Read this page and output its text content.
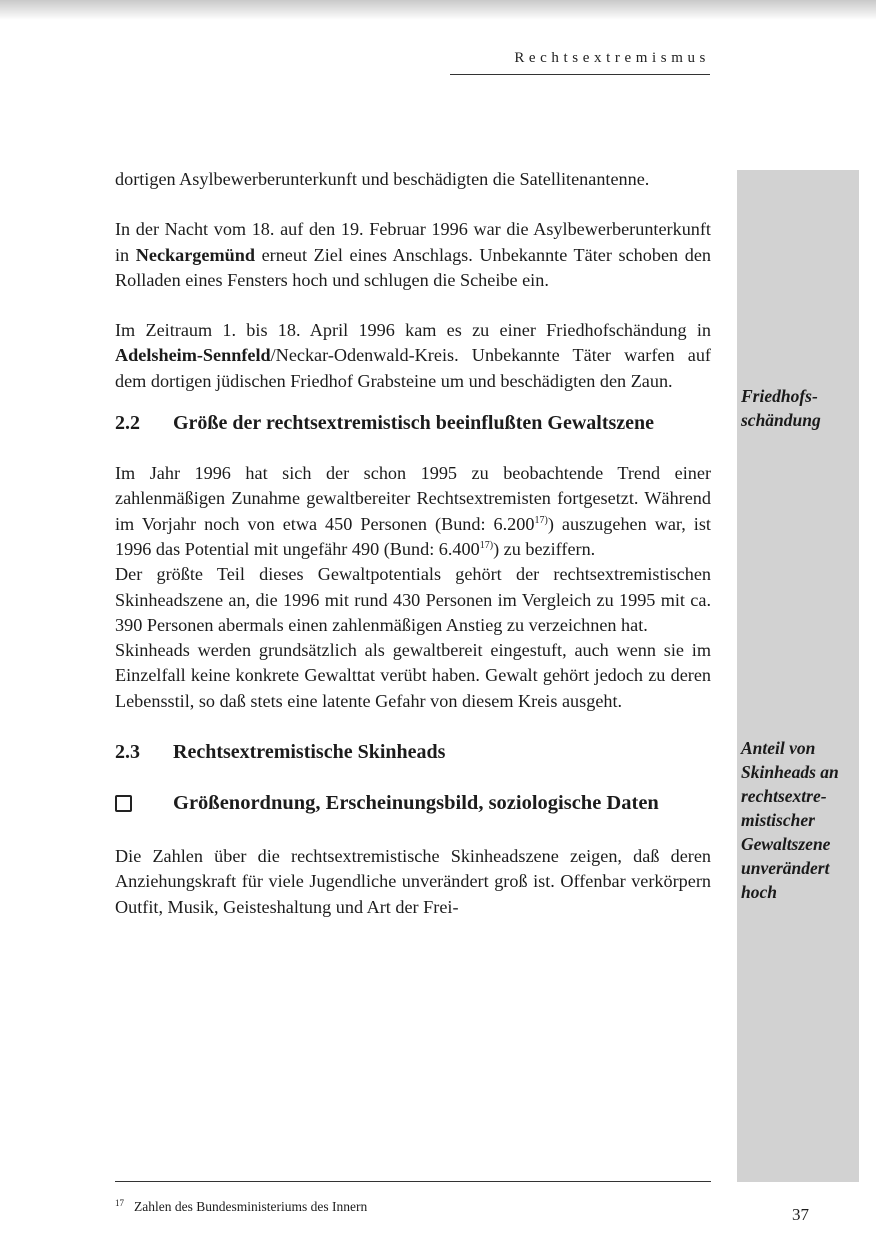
Rechtsextremismus

dortigen Asylbewerberunterkunft und beschädigten die Satellitenantenne.

In der Nacht vom 18. auf den 19. Februar 1996 war die Asylbewerberunterkunft in Neckargemünd erneut Ziel eines Anschlags. Unbekannte Täter schoben den Rolladen eines Fensters hoch und schlugen die Scheibe ein.

Im Zeitraum 1. bis 18. April 1996 kam es zu einer Friedhofschändung in Adelsheim-Sennfeld/Neckar-Odenwald-Kreis. Unbekannte Täter warfen auf dem dortigen jüdischen Friedhof Grabsteine um und beschädigten den Zaun.

2.2	Größe der rechtsextremistisch beeinflußten Gewaltszene

Im Jahr 1996 hat sich der schon 1995 zu beobachtende Trend einer zahlenmäßigen Zunahme gewaltbereiter Rechtsextremisten fortgesetzt. Während im Vorjahr noch von etwa 450 Personen (Bund: 6.200$^{17)}$) auszugehen war, ist 1996 das Potential mit ungefähr 490 (Bund: 6.400$^{17)}$) zu beziffern.

Der größte Teil dieses Gewaltpotentials gehört der rechtsextremistischen Skinheadszene an, die 1996 mit rund 430 Personen im Vergleich zu 1995 mit ca. 390 Personen abermals einen zahlenmäßigen Anstieg zu verzeichnen hat.

Skinheads werden grundsätzlich als gewaltbereit eingestuft, auch wenn sie im Einzelfall keine konkrete Gewalttat verübt haben. Gewalt gehört jedoch zu deren Lebensstil, so daß stets eine latente Gefahr von diesem Kreis ausgeht.

2.3	Rechtsextremistische Skinheads
Größenordnung, Erscheinungsbild, soziologische Daten

Die Zahlen über die rechtsextremistische Skinheadszene zeigen, daß deren Anziehungskraft für viele Jugendliche unverändert groß ist. Offenbar verkörpern Outfit, Musik, Geisteshaltung und Art der Frei-

Friedhofs-
schändung
Anteil von
Skinheads an
rechtsextre-
mistischer
Gewaltszene
unverändert
hoch
$^{17}$ Zahlen des Bundesministeriums des Innern	37
